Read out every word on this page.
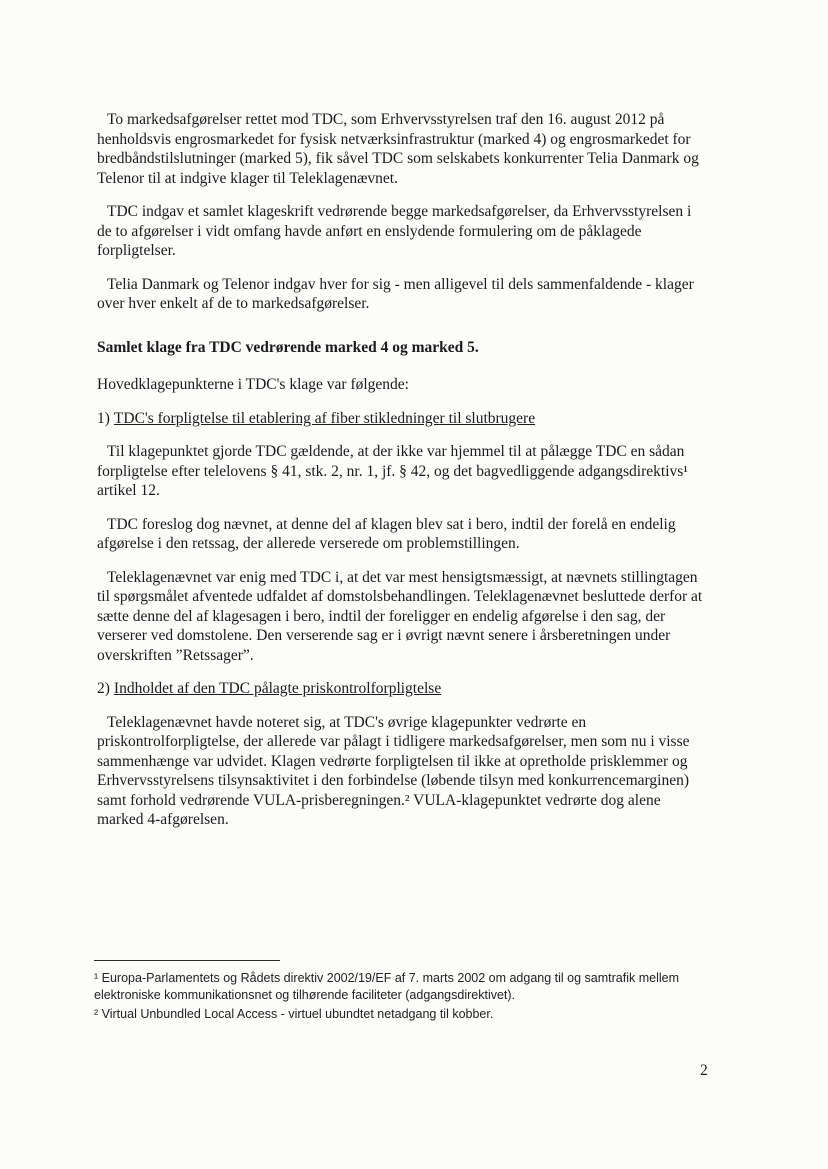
To markedsafgørelser rettet mod TDC, som Erhvervsstyrelsen traf den 16. august 2012 på henholdsvis engrosmarkedet for fysisk netværksinfrastruktur (marked 4) og engrosmarkedet for bredbåndstilslutninger (marked 5), fik såvel TDC som selskabets konkurrenter Telia Danmark og Telenor til at indgive klager til Teleklagenævnet.

TDC indgav et samlet klageskrift vedrørende begge markedsafgørelser, da Erhvervsstyrelsen i de to afgørelser i vidt omfang havde anført en enslydende formulering om de påklagede forpligtelser.

Telia Danmark og Telenor indgav hver for sig - men alligevel til dels sammenfaldende - klager over hver enkelt af de to markedsafgørelser.

Samlet klage fra TDC vedrørende marked 4 og marked 5.

Hovedklagepunkterne i TDC's klage var følgende:

1) TDC's forpligtelse til etablering af fiber stikledninger til slutbrugere

Til klagepunktet gjorde TDC gældende, at der ikke var hjemmel til at pålægge TDC en sådan forpligtelse efter telelovens § 41, stk. 2, nr. 1, jf. § 42, og det bagvedliggende adgangsdirektivs¹ artikel 12.

TDC foreslog dog nævnet, at denne del af klagen blev sat i bero, indtil der forelå en endelig afgørelse i den retssag, der allerede verserede om problemstillingen.

Teleklagenævnet var enig med TDC i, at det var mest hensigtsmæssigt, at nævnets stillingtagen til spørgsmålet afventede udfaldet af domstolsbehandlingen. Teleklagenævnet besluttede derfor at sætte denne del af klagesagen i bero, indtil der foreligger en endelig afgørelse i den sag, der verserer ved domstolene. Den verserende sag er i øvrigt nævnt senere i årsberetningen under overskriften ”Retssager”.

2) Indholdet af den TDC pålagte priskontrolforpligtelse

Teleklagenævnet havde noteret sig, at TDC's øvrige klagepunkter vedrørte en priskontrolforpligtelse, der allerede var pålagt i tidligere markedsafgørelser, men som nu i visse sammenhænge var udvidet. Klagen vedrørte forpligtelsen til ikke at opretholde prisklemmer og Erhvervsstyrelsens tilsynsaktivitet i den forbindelse (løbende tilsyn med konkurrencemarginen) samt forhold vedrørende VULA-prisberegningen.² VULA-klagepunktet vedrørte dog alene marked 4-afgørelsen.

¹ Europa-Parlamentets og Rådets direktiv 2002/19/EF af 7. marts 2002 om adgang til og samtrafik mellem elektroniske kommunikationsnet og tilhørende faciliteter (adgangsdirektivet).

² Virtual Unbundled Local Access - virtuel ubundtet netadgang til kobber.

2
